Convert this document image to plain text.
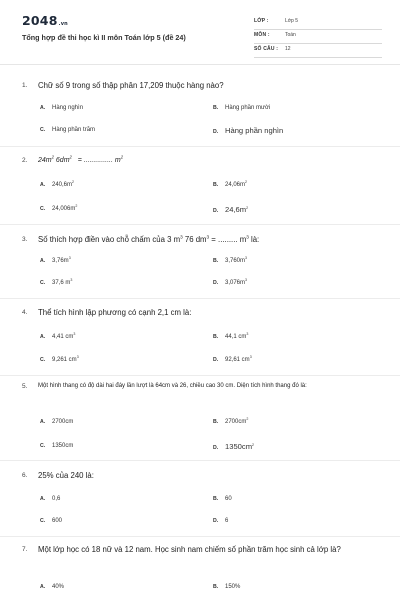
2048.vn
Tổng hợp đề thi học kì II môn Toán lớp 5 (đề 24)
LỚP :	Lớp 5
MÔN :	Toán
SỐ CÂU : 12
1. Chữ số 9 trong số thập phân 17,209 thuộc hàng nào?
A. Hàng nghìn	B. Hàng phần mười
C. Hàng phần trăm	D. Hàng phần nghìn
2. $24m^2$ $6dm^2$   = ............... $m^2$
A. $240,6m^2$	B. $24,06m^2$
C. $24,006m^2$
D. $24,6m^2$
3. Số thích hợp điền vào chỗ chấm của 3 $m^3$ 76 $dm^3$ = ......... $m^3$ là:
A. $3,76m^3$	B. $3,760m^3$
C. 37,6 $m^3$	D. $3,076m^3$
4. Thể tích hình lập phương có cạnh 2,1 cm là:
A. 4,41 $cm^3$	B. 44,1 $cm^3$
C. 9,261 $cm^3$	D. 92,61 $cm^3$
5. Một hình thang có độ dài hai đáy lần lượt là 64cm và 26, chiều cao 30 cm. Diện tích hình thang đó là:
A. 2700cm	B. $2700cm^2$
C. 1350cm	D. $1350cm^2$
6. 25% của 240 là:
A. 0,6	B. 60
C. 600	D. 6
7. Một lớp học có 18 nữ và 12 nam. Học sinh nam chiếm số phần trăm học sinh cả lớp là?
A. 40%	B. 150%
